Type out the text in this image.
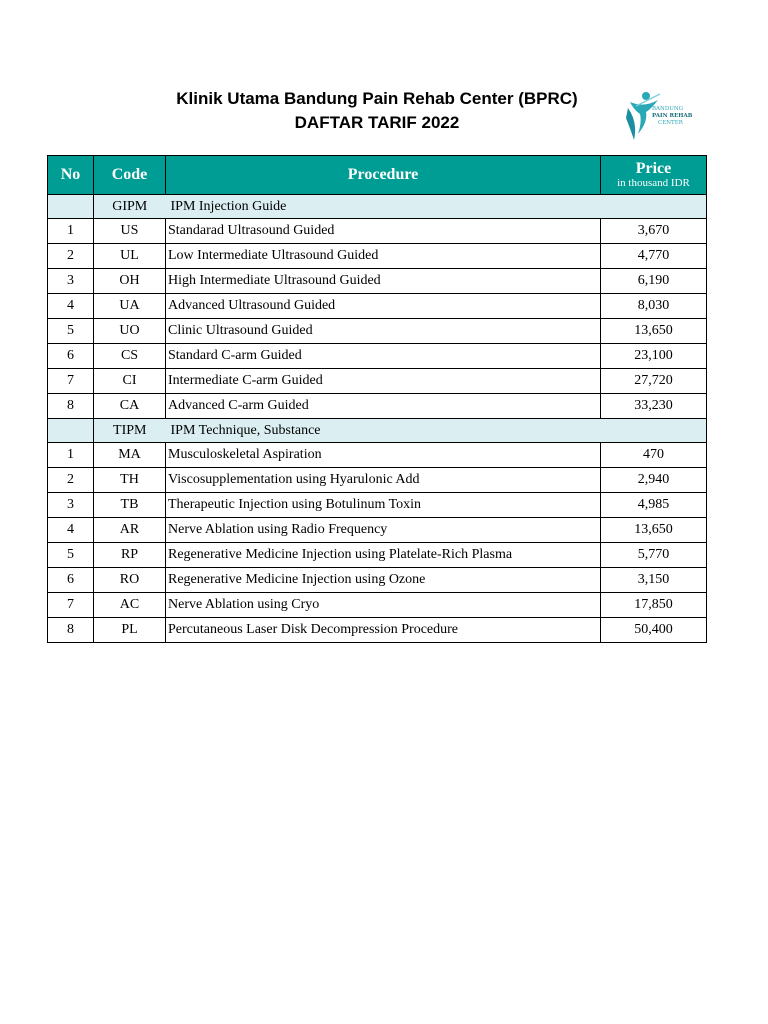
Klinik Utama Bandung Pain Rehab Center (BPRC)
DAFTAR TARIF 2022
BANDUNG
PAIN REHAB
CENTER
No	Code	Procedure	Price
in thousand IDR

	GIPM	IPM Injection Guide	
1	US	Standarad Ultrasound Guided	3,670
2	UL	Low Intermediate Ultrasound Guided	4,770
3	OH	High Intermediate Ultrasound Guided	6,190
4	UA	Advanced Ultrasound Guided	8,030
5	UO	Clinic Ultrasound Guided	13,650
6	CS	Standard C-arm Guided	23,100
7	CI	Intermediate C-arm Guided	27,720
8	CA	Advanced C-arm Guided	33,230
	TIPM	IPM Technique, Substance	
1	MA	Musculoskeletal Aspiration	470
2	TH	Viscosupplementation using Hyarulonic Add	2,940
3	TB	Therapeutic Injection using Botulinum Toxin	4,985
4	AR	Nerve Ablation using Radio Frequency	13,650
5	RP	Regenerative Medicine Injection using Platelate-Rich Plasma	5,770
6	RO	Regenerative Medicine Injection using Ozone	3,150
7	AC	Nerve Ablation using Cryo	17,850
8	PL	Percutaneous Laser Disk Decompression Procedure	50,400
